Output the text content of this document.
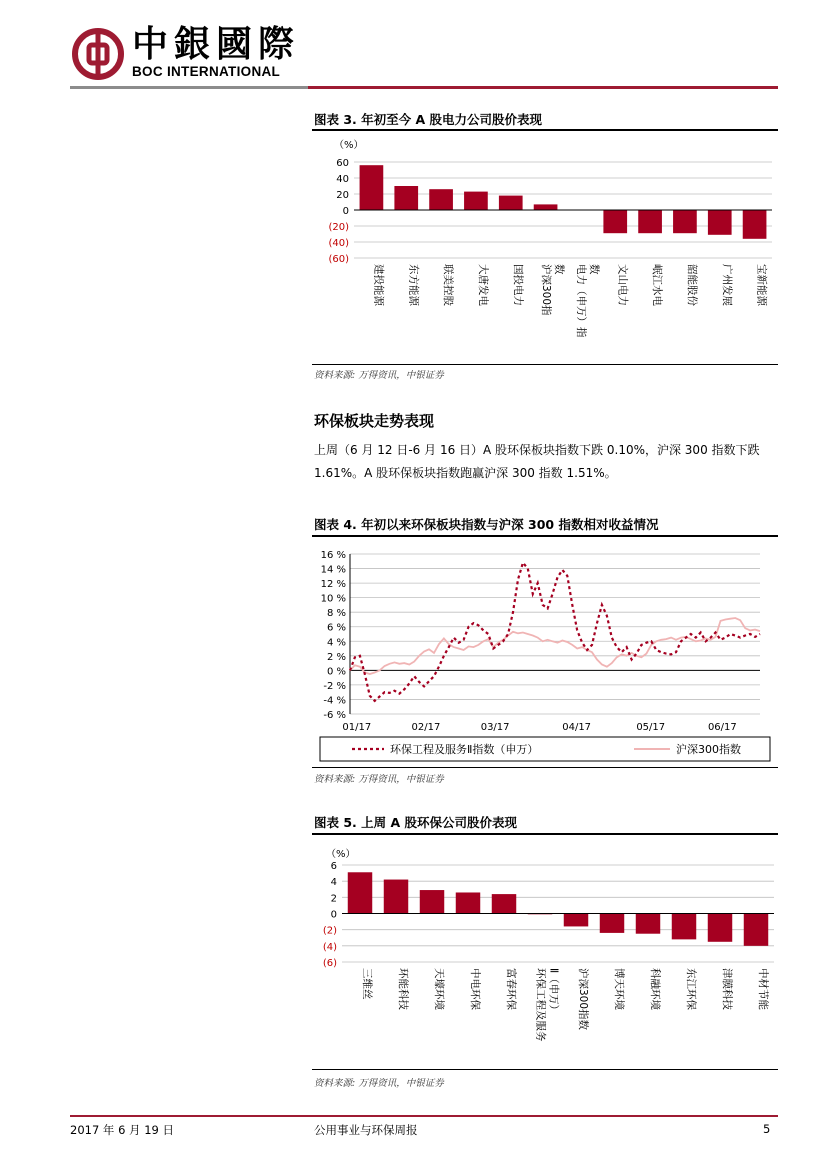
中銀國際
BOC INTERNATIONAL
图表 3. 年初至今 A 股电力公司股价表现
（%）
60
40
20
0
(20)
(40)
(60)
建投能源 东方能源 联美控股 大唐发电 国投电力 沪深300指 数 电力（申万）指 数 文山电力 岷江水电 韶能股份 广州发展 宝新能源
资料来源: 万得资讯，中银证券
环保板块走势表现
上周（6 月 12 日-6 月 16 日）A 股环保板块指数下跌 0.10%，沪深 300 指数下跌 1.61%。A 股环保板块指数跑赢沪深 300 指数 1.51%。
图表 4. 年初以来环保板块指数与沪深 300 指数相对收益情况
16 %
14 %
12 %
10 %
8 %
6 %
4 %
2 %
0 %
-2 %
-4 %
-6 %
01/17	02/17	03/17	04/17	05/17	06/17
环保工程及服务Ⅱ指数（申万）	沪深300指数
资料来源: 万得资讯，中银证券
图表 5. 上周 A 股环保公司股价表现
（%）
6
4
2
0
(2)
(4)
(6)
三维丝 环能科技 天壕环境 中电环保 富春环保 环保工程及服务 Ⅱ（申万） 沪深300指数 博天环境 科融环境 东江环保 津膜科技 中材节能
资料来源: 万得资讯，中银证券
2017 年 6 月 19 日	公用事业与环保周报	5
